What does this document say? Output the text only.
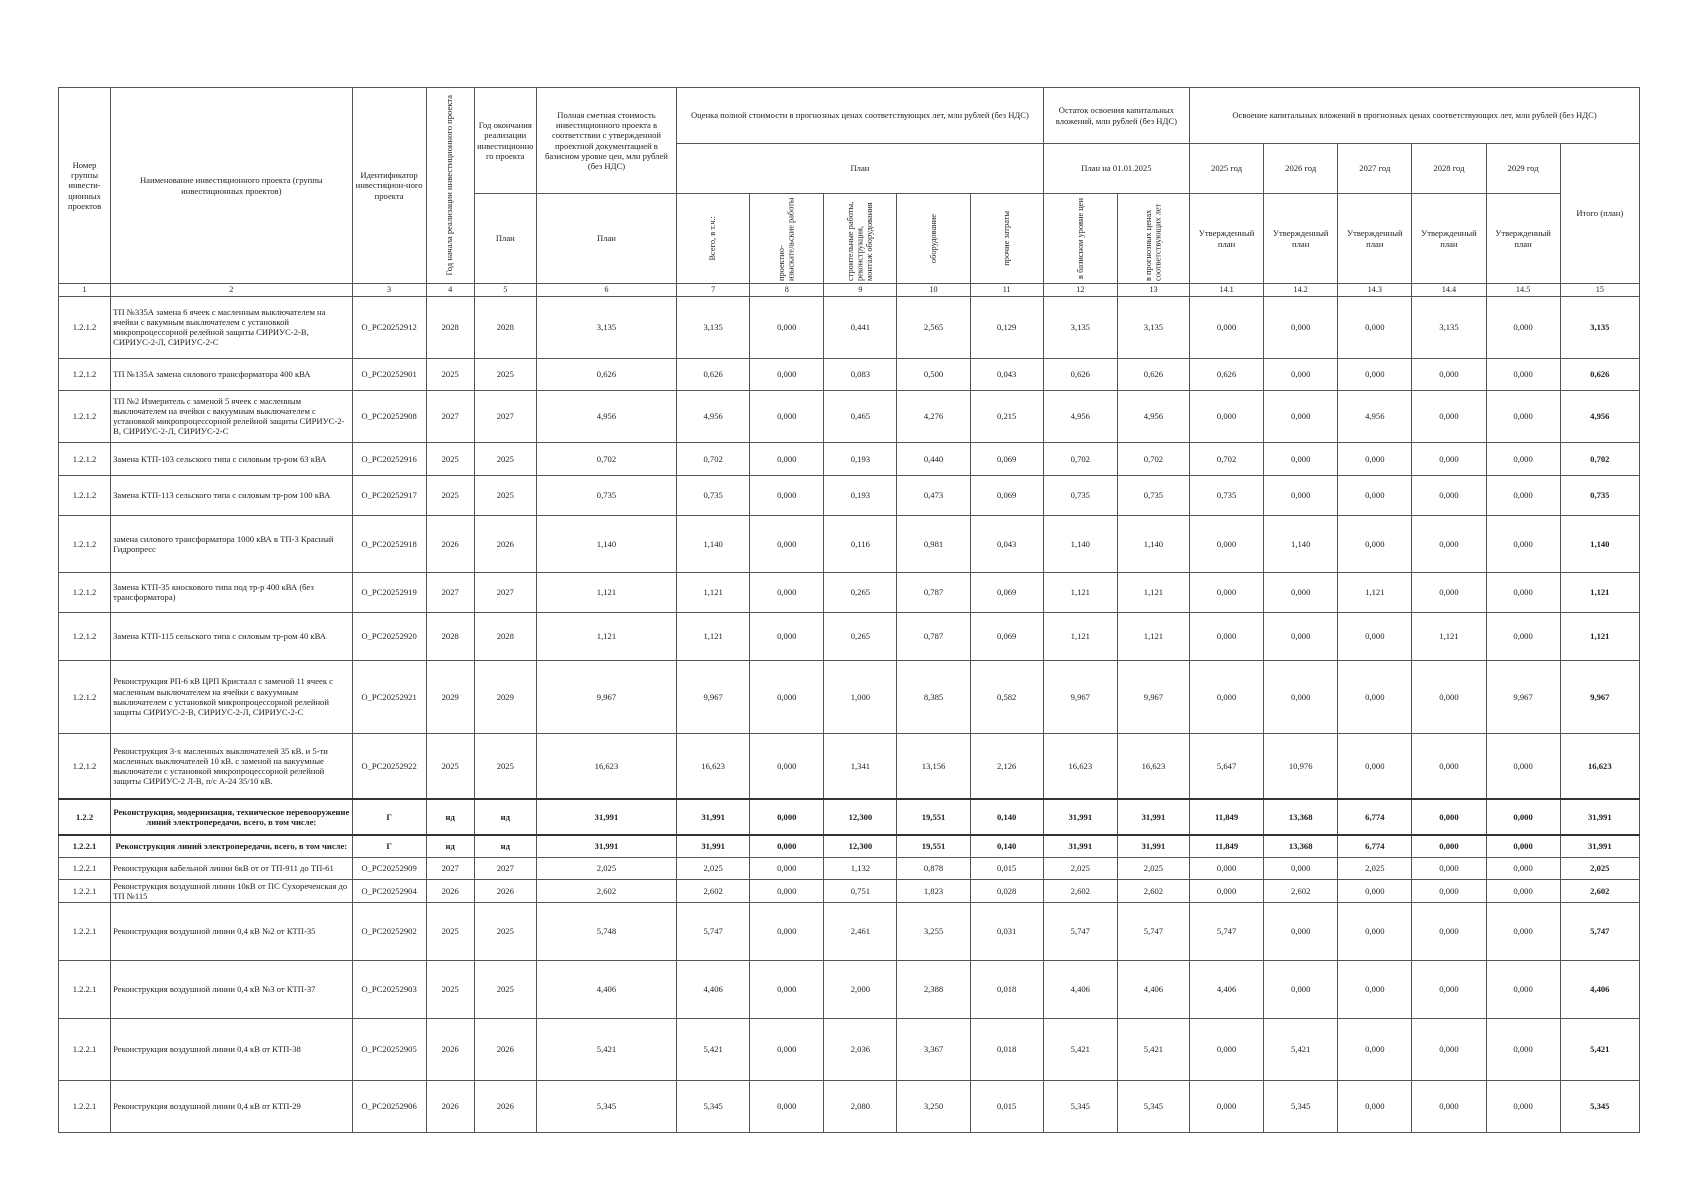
Номер группы инвести-ционных проектов	Наименование инвестиционного проекта (группы инвестиционных проектов)	Идентификатор инвестицион-ного проекта	Год начала реализации инвестиционного проекта	Год окончания реализации инвестиционного проекта	Полная сметная стоимость инвестиционного проекта в соответствии с утвержденной проектной документацией в базисном уровне цен, млн рублей (без НДС)	Оценка полной стоимости в прогнозных ценах соответствующих лет, млн рублей (без НДС)					Остаток освоения капитальных вложений, млн рублей (без НДС)		Освоение капитальных вложений в прогнозных ценах соответствующих лет, млн рублей (без НДС)					
						План					План на 01.01.2025		2025 год	2026 год	2027 год	2028 год	2029 год	Итого (план)
				План	План	Всего, в т.ч.:	проектно-изыскательские работы	строительные работы, реконструкция, монтаж оборудования	оборудование	прочие затраты	в базисном уровне цен	в прогнозных ценах соответствующих лет	Утвержденный план	Утвержденный план	Утвержденный план	Утвержденный план	Утвержденный план	
1	2	3	4	5	6	7	8	9	10	11	12	13	14.1	14.2	14.3	14.4	14.5	15
1.2.1.2	ТП №335А замена 6 ячеек с масленным выключателем на ячейки с вакумным выключателем с установкой микропроцессорной релейной защиты СИРИУС-2-В, СИРИУС-2-Л, СИРИУС-2-С	O_PC20252912	2028	2028	3,135	3,135	0,000	0,441	2,565	0,129	3,135	3,135	0,000	0,000	0,000	3,135	0,000	3,135
1.2.1.2	ТП №135А замена силового трансформатора 400 кВА	O_PC20252901	2025	2025	0,626	0,626	0,000	0,083	0,500	0,043	0,626	0,626	0,626	0,000	0,000	0,000	0,000	0,626
1.2.1.2	ТП №2 Измеритель с заменой 5 ячеек с масленным выключателем на ячейки с вакуумным выключателем с установкой микропроцессорной релейной защиты СИРИУС-2-В, СИРИУС-2-Л, СИРИУС-2-С	O_PC20252908	2027	2027	4,956	4,956	0,000	0,465	4,276	0,215	4,956	4,956	0,000	0,000	4,956	0,000	0,000	4,956
1.2.1.2	Замена КТП-103 сельского типа с силовым тр-ром 63 кВА	O_PC20252916	2025	2025	0,702	0,702	0,000	0,193	0,440	0,069	0,702	0,702	0,702	0,000	0,000	0,000	0,000	0,702
1.2.1.2	Замена КТП-113 сельского типа с силовым тр-ром 100 кВА	O_PC20252917	2025	2025	0,735	0,735	0,000	0,193	0,473	0,069	0,735	0,735	0,735	0,000	0,000	0,000	0,000	0,735
1.2.1.2	замена силового трансформатора 1000 кВА в ТП-3 Красный Гидропресс	O_PC20252918	2026	2026	1,140	1,140	0,000	0,116	0,981	0,043	1,140	1,140	0,000	1,140	0,000	0,000	0,000	1,140
1.2.1.2	Замена КТП-35 киоскового типа под тр-р 400 кВА (без трансформатора)	O_PC20252919	2027	2027	1,121	1,121	0,000	0,265	0,787	0,069	1,121	1,121	0,000	0,000	1,121	0,000	0,000	1,121
1.2.1.2	Замена КТП-115 сельского типа с силовым тр-ром 40 кВА	O_PC20252920	2028	2028	1,121	1,121	0,000	0,265	0,787	0,069	1,121	1,121	0,000	0,000	0,000	1,121	0,000	1,121
1.2.1.2	Реконструкция РП-6 кВ ЦРП Кристалл с заменой 11 ячеек с масленным выключателем на ячейки с вакуумным выключателем с установкой микропроцессорной релейной защиты СИРИУС-2-В, СИРИУС-2-Л, СИРИУС-2-С	O_PC20252921	2029	2029	9,967	9,967	0,000	1,000	8,385	0,582	9,967	9,967	0,000	0,000	0,000	0,000	9,967	9,967
1.2.1.2	Реконструкция 3-х масленных выключателей 35 кВ. и 5-ти масленных выключателей 10 кВ. с заменой на вакуумные выключатели с установкой микропроцессорной релейной защиты СИРИУС-2 Л-В, п/с А-24 35/10 кВ.	O_PC20252922	2025	2025	16,623	16,623	0,000	1,341	13,156	2,126	16,623	16,623	5,647	10,976	0,000	0,000	0,000	16,623
1.2.2	Реконструкция, модернизация, техническое перевооружение линий электропередачи, всего, в том числе:	Г	нд	нд	31,991	31,991	0,000	12,300	19,551	0,140	31,991	31,991	11,849	13,368	6,774	0,000	0,000	31,991
1.2.2.1	Реконструкция линий электропередачи, всего, в том числе:	Г	нд	нд	31,991	31,991	0,000	12,300	19,551	0,140	31,991	31,991	11,849	13,368	6,774	0,000	0,000	31,991
1.2.2.1	Реконструкция кабельной линии 6кВ от от ТП-911 до ТП-61	O_PC20252909	2027	2027	2,025	2,025	0,000	1,132	0,878	0,015	2,025	2,025	0,000	0,000	2,025	0,000	0,000	2,025
1.2.2.1	Реконструкция воздушной линии 10кВ от ПС Сухореченская до ТП №115	O_PC20252904	2026	2026	2,602	2,602	0,000	0,751	1,823	0,028	2,602	2,602	0,000	2,602	0,000	0,000	0,000	2,602
1.2.2.1	Реконструкция воздушной линии 0,4 кВ №2 от КТП-35	O_PC20252902	2025	2025	5,748	5,747	0,000	2,461	3,255	0,031	5,747	5,747	5,747	0,000	0,000	0,000	0,000	5,747
1.2.2.1	Реконструкция воздушной линии 0,4 кВ №3 от КТП-37	O_PC20252903	2025	2025	4,406	4,406	0,000	2,000	2,388	0,018	4,406	4,406	4,406	0,000	0,000	0,000	0,000	4,406
1.2.2.1	Реконструкция воздушной линии 0,4 кВ от КТП-38	O_PC20252905	2026	2026	5,421	5,421	0,000	2,036	3,367	0,018	5,421	5,421	0,000	5,421	0,000	0,000	0,000	5,421
1.2.2.1	Реконструкция воздушной линии 0,4 кВ от КТП-29	O_PC20252906	2026	2026	5,345	5,345	0,000	2,080	3,250	0,015	5,345	5,345	0,000	5,345	0,000	0,000	0,000	5,345
